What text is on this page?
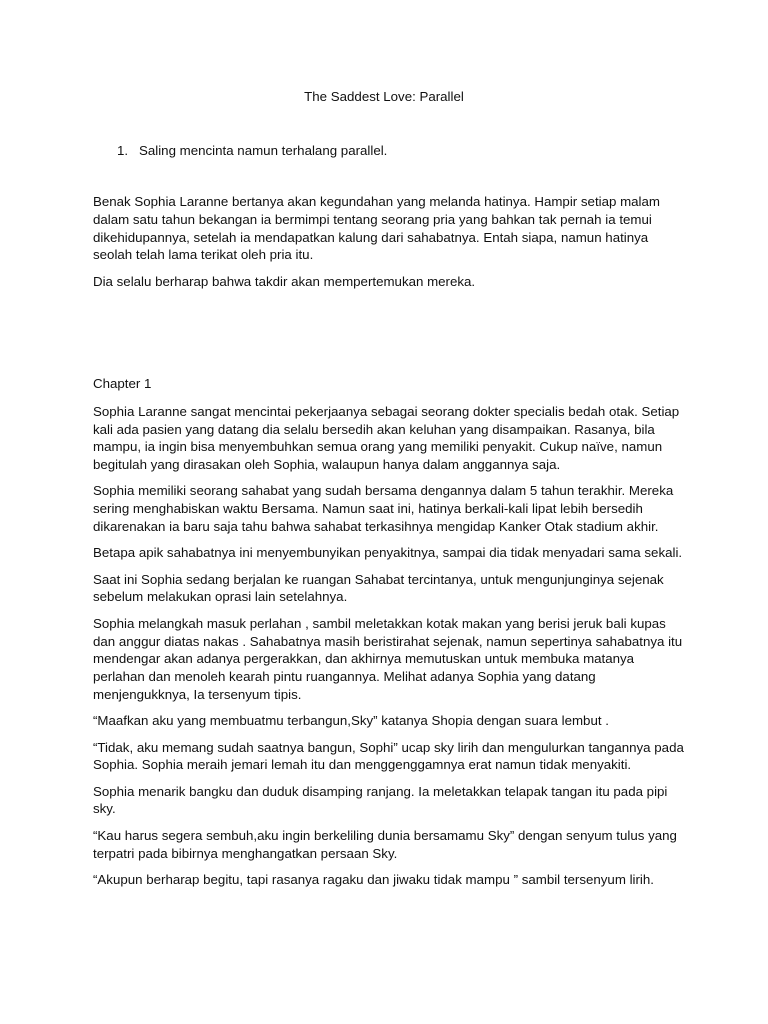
The Saddest Love: Parallel
1. Saling mencinta namun terhalang parallel.

Benak Sophia Laranne bertanya akan kegundahan yang melanda hatinya. Hampir setiap malam dalam satu tahun bekangan ia bermimpi tentang seorang pria yang bahkan tak pernah ia temui dikehidupannya, setelah ia mendapatkan kalung dari sahabatnya. Entah siapa, namun hatinya seolah telah lama terikat oleh pria itu.

Dia selalu berharap bahwa takdir akan mempertemukan mereka.

Chapter 1

Sophia Laranne sangat mencintai pekerjaanya sebagai seorang dokter specialis bedah otak. Setiap kali ada pasien yang datang dia selalu bersedih akan keluhan yang disampaikan. Rasanya, bila mampu, ia ingin bisa menyembuhkan semua orang yang memiliki penyakit. Cukup naïve, namun begitulah yang dirasakan oleh Sophia, walaupun hanya dalam anggannya saja.

Sophia memiliki seorang sahabat yang sudah bersama dengannya dalam 5 tahun terakhir. Mereka sering menghabiskan waktu Bersama. Namun saat ini, hatinya berkali-kali lipat lebih bersedih dikarenakan ia baru saja tahu bahwa sahabat terkasihnya mengidap Kanker Otak stadium akhir.

Betapa apik sahabatnya ini menyembunyikan penyakitnya, sampai dia tidak menyadari sama sekali.

Saat ini Sophia sedang berjalan ke ruangan Sahabat tercintanya, untuk mengunjunginya sejenak sebelum melakukan oprasi lain setelahnya.

Sophia melangkah masuk perlahan , sambil meletakkan kotak makan yang berisi jeruk bali kupas dan anggur diatas nakas . Sahabatnya masih beristirahat sejenak, namun sepertinya sahabatnya itu mendengar akan adanya pergerakkan, dan akhirnya memutuskan untuk membuka matanya perlahan dan menoleh kearah pintu ruangannya. Melihat adanya Sophia yang datang menjengukknya, Ia tersenyum tipis.

“Maafkan aku yang membuatmu terbangun,Sky” katanya Shopia dengan suara lembut .

“Tidak, aku memang sudah saatnya bangun, Sophi” ucap sky lirih dan mengulurkan tangannya pada Sophia. Sophia meraih jemari lemah itu dan menggenggamnya erat namun tidak menyakiti.

Sophia menarik bangku dan duduk disamping ranjang. Ia meletakkan telapak tangan itu pada pipi sky.

“Kau harus segera sembuh,aku ingin berkeliling dunia bersamamu Sky” dengan senyum tulus yang terpatri pada bibirnya menghangatkan persaan Sky.

“Akupun berharap begitu, tapi rasanya ragaku dan jiwaku tidak mampu ” sambil tersenyum lirih.
